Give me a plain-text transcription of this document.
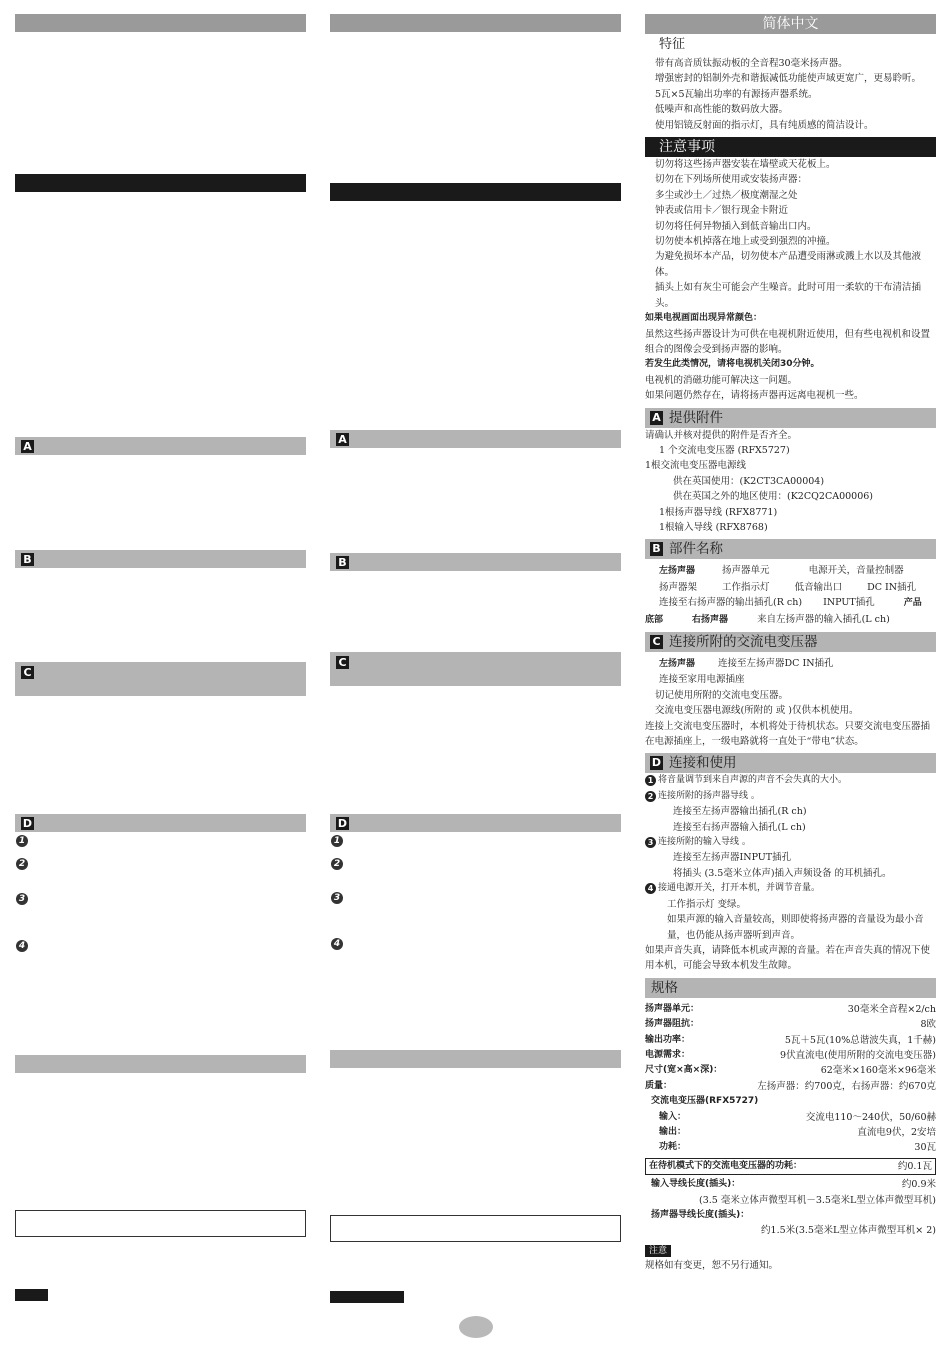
A
B
C
D
1
2
3
4
A
B
C
D
1
2
3
4
简体中文
特征
带有高音质钛振动板的全音程30毫米扬声器。
增强密封的铝制外壳和谐振减低功能使声域更宽广，更易聆听。
5瓦×5瓦输出功率的有源扬声器系统。
低噪声和高性能的数码放大器。
使用铝镜反射面的指示灯，具有纯质感的简洁设计。
注意事项
切勿将这些扬声器安装在墙壁或天花板上。
切勿在下列场所使用或安装扬声器：
多尘或沙土／过热／极度潮湿之处
钟表或信用卡／银行现金卡附近
切勿将任何异物插入到低音输出口内。
切勿使本机掉落在地上或受到强烈的冲撞。
为避免损坏本产品，切勿使本产品遭受雨淋或溅上水以及其他液体。
插头上如有灰尘可能会产生噪音。此时可用一柔软的干布清洁插头。
如果电视画面出现异常颜色：
虽然这些扬声器设计为可供在电视机附近使用，但有些电视机和设置组合的图像会受到扬声器的影响。
若发生此类情况，请将电视机关闭30分钟。
电视机的消磁功能可解决这一问题。
如果问题仍然存在，请将扬声器再远离电视机一些。
A 提供附件
请确认并核对提供的附件是否齐全。
1 个交流电变压器 (RFX5727)
1根交流电变压器电源线
供在英国使用：(K2CT3CA00004)
供在英国之外的地区使用：(K2CQ2CA00006)
1根扬声器导线 (RFX8771)
1根输入导线 (RFX8768)
B 部件名称
左扬声器	扬声器单元	电源开关，音量控制器
扬声器架	工作指示灯	低音输出口	DC IN插孔
连接至右扬声器的输出插孔(R ch) INPUT插孔	产品
底部	右扬声器	来自左扬声器的输入插孔(L ch)
C 连接所附的交流电变压器
左扬声器 连接至左扬声器DC IN插孔
连接至家用电源插座
切记使用所附的交流电变压器。
交流电变压器电源线(所附的 或 )仅供本机使用。
连接上交流电变压器时，本机将处于待机状态。只要交流电变压器插在电源插座上，一级电路就将一直处于“带电”状态。
D 连接和使用
1 将音量调节到来自声源的声音不会失真的大小。
2 连接所附的扬声器导线 。
连接至左扬声器输出插孔(R ch)
连接至右扬声器输入插孔(L ch)
3 连接所附的输入导线 。
连接至左扬声器INPUT插孔
将插头 (3.5毫米立体声)插入声频设备 的耳机插孔。
4 接通电源开关，打开本机，并调节音量。
工作指示灯 变绿。
如果声源的输入音量较高，则即使将扬声器的音量设为最小音量，也仍能从扬声器听到声音。
如果声音失真，请降低本机或声源的音量。若在声音失真的情况下使用本机，可能会导致本机发生故障。
规格
扬声器单元：	30毫米全音程×2/ch
扬声器阻抗：	8欧
输出功率：	5瓦＋5瓦(10%总谐波失真，1千赫)
电源需求：	9伏直流电(使用所附的交流电变压器)
尺寸(宽×高×深)：	62毫米×160毫米×96毫米
质量：	左扬声器：约700克，右扬声器：约670克
交流电变压器(RFX5727)
输入：	交流电110～240伏，50/60赫
输出：	直流电9伏，2安培
功耗：	30瓦
在待机模式下的交流电变压器的功耗：	约0.1瓦
输入导线长度(插头)：	约0.9米
(3.5 毫米立体声微型耳机－3.5毫米L型立体声微型耳机)
扬声器导线长度(插头)：
约1.5米(3.5毫米L型立体声微型耳机× 2)
注意
规格如有变更，恕不另行通知。
